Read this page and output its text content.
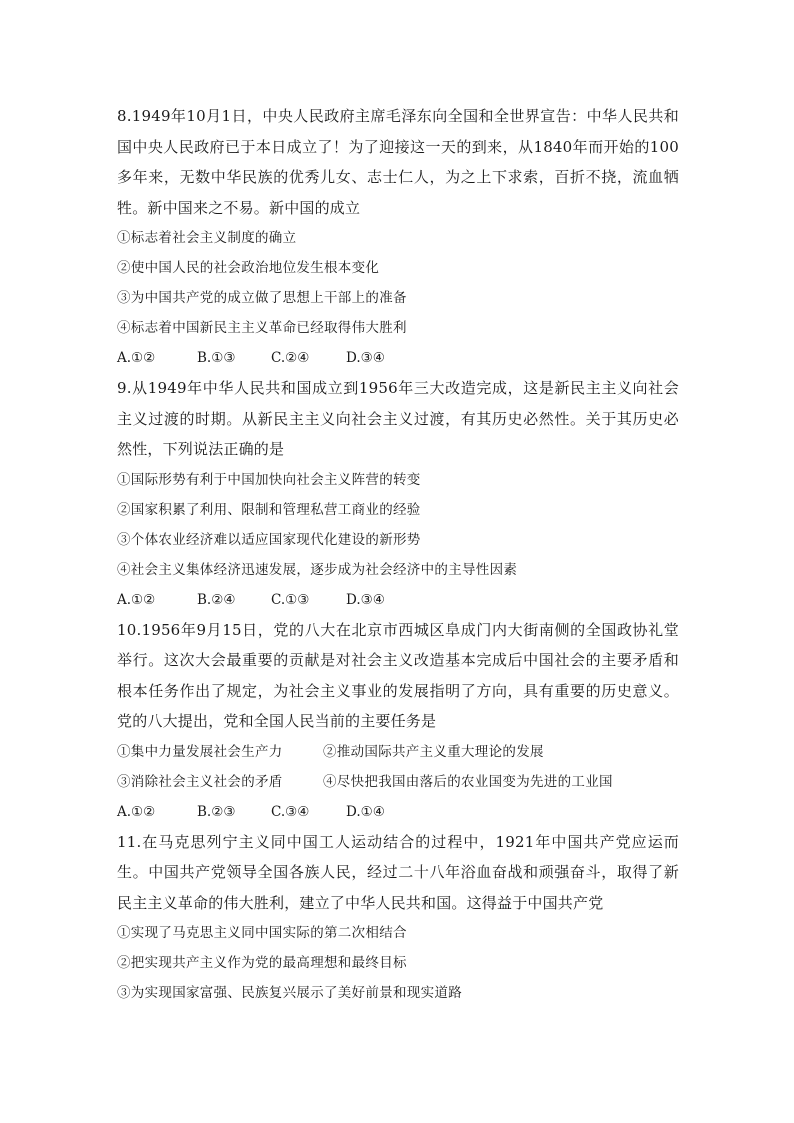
8.1949年10月1日，中央人民政府主席毛泽东向全国和全世界宣告：中华人民共和国中央人民政府已于本日成立了！为了迎接这一天的到来，从1840年而开始的100多年来，无数中华民族的优秀儿女、志士仁人，为之上下求索，百折不挠，流血牺牲。新中国来之不易。新中国的成立

①标志着社会主义制度的确立

②使中国人民的社会政治地位发生根本变化

③为中国共产党的成立做了思想上干部上的准备

④标志着中国新民主主义革命已经取得伟大胜利

A.①②	B.①③	C.②④	D.③④

9.从1949年中华人民共和国成立到1956年三大改造完成，这是新民主主义向社会主义过渡的时期。从新民主主义向社会主义过渡，有其历史必然性。关于其历史必然性，下列说法正确的是

①国际形势有利于中国加快向社会主义阵营的转变

②国家积累了利用、限制和管理私营工商业的经验

③个体农业经济难以适应国家现代化建设的新形势

④社会主义集体经济迅速发展，逐步成为社会经济中的主导性因素

A.①②	B.②④	C.①③	D.③④

10.1956年9月15日，党的八大在北京市西城区阜成门内大街南侧的全国政协礼堂举行。这次大会最重要的贡献是对社会主义改造基本完成后中国社会的主要矛盾和根本任务作出了规定，为社会主义事业的发展指明了方向，具有重要的历史意义。党的八大提出，党和全国人民当前的主要任务是

①集中力量发展社会生产力	②推动国际共产主义重大理论的发展
③消除社会主义社会的矛盾	④尽快把我国由落后的农业国变为先进的工业国
A.①②	B.②③	C.③④	D.①④

11.在马克思列宁主义同中国工人运动结合的过程中，1921年中国共产党应运而生。中国共产党领导全国各族人民，经过二十八年浴血奋战和顽强奋斗，取得了新民主主义革命的伟大胜利，建立了中华人民共和国。这得益于中国共产党

①实现了马克思主义同中国实际的第二次相结合

②把实现共产主义作为党的最高理想和最终目标

③为实现国家富强、民族复兴展示了美好前景和现实道路
